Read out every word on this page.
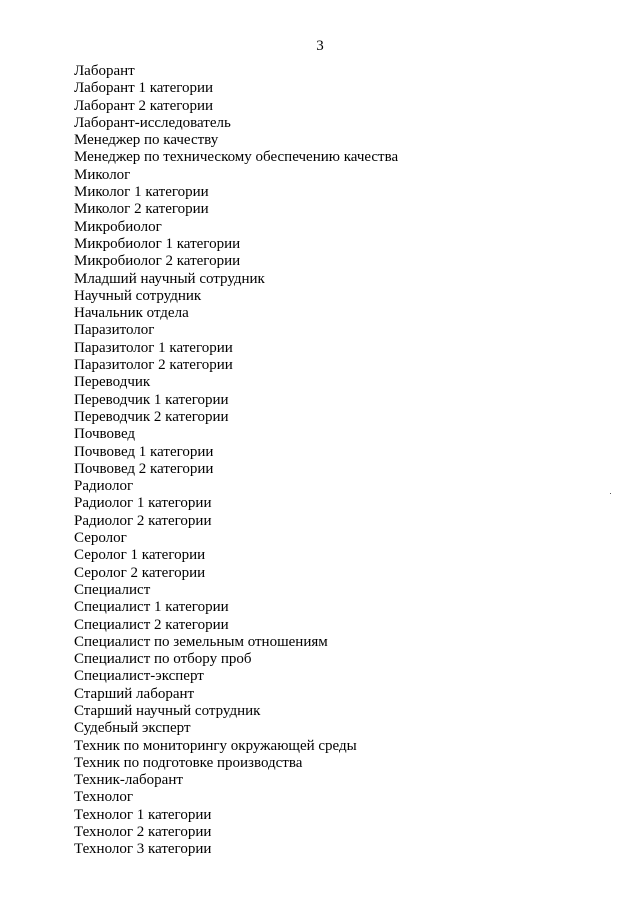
3
Лаборант
Лаборант 1 категории
Лаборант 2 категории
Лаборант-исследователь
Менеджер по качеству
Менеджер по техническому обеспечению качества
Миколог
Миколог 1 категории
Миколог 2 категории
Микробиолог
Микробиолог 1 категории
Микробиолог 2 категории
Младший научный сотрудник
Научный сотрудник
Начальник отдела
Паразитолог
Паразитолог 1 категории
Паразитолог 2 категории
Переводчик
Переводчик 1 категории
Переводчик 2 категории
Почвовед
Почвовед 1 категории
Почвовед 2 категории
Радиолог
Радиолог 1 категории
Радиолог 2 категории
Серолог
Серолог 1 категории
Серолог 2 категории
Специалист
Специалист 1 категории
Специалист 2 категории
Специалист по земельным отношениям
Специалист по отбору проб
Специалист-эксперт
Старший лаборант
Старший научный сотрудник
Судебный эксперт
Техник по мониторингу окружающей среды
Техник по подготовке производства
Техник-лаборант
Технолог
Технолог 1 категории
Технолог 2 категории
Технолог 3 категории
